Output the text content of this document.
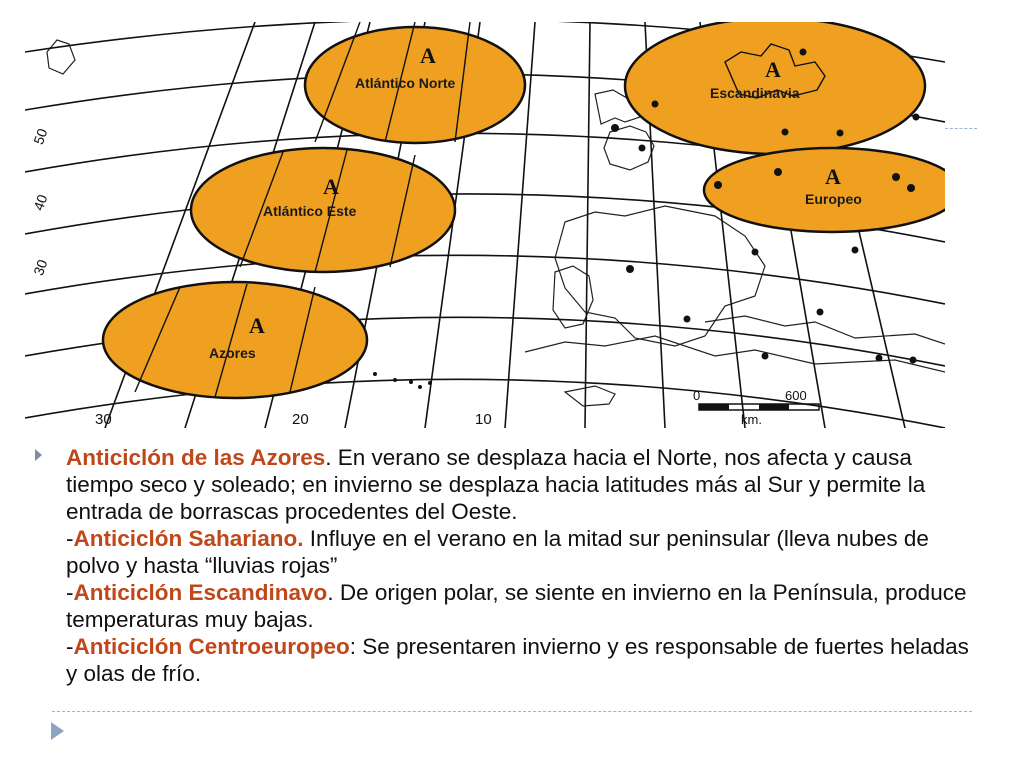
A
Atlántico Norte
A
Escandinavia
A
Atlántico Este
A
Europeo
A
Azores
50
40
30
30	20	10
0	600
km.
Anticiclón de las Azores. En verano se desplaza hacia el Norte, nos afecta y causa tiempo seco y soleado; en invierno se desplaza hacia latitudes más al Sur y permite la entrada de borrascas procedentes del Oeste.
-Anticiclón Sahariano. Influye en el verano en la mitad sur peninsular (lleva nubes de polvo y hasta “lluvias rojas”
-Anticiclón Escandinavo. De origen polar, se siente en invierno en la Península, produce temperaturas muy bajas.
-Anticiclón Centroeuropeo: Se presentaren invierno y es responsable de fuertes heladas y olas de frío.
